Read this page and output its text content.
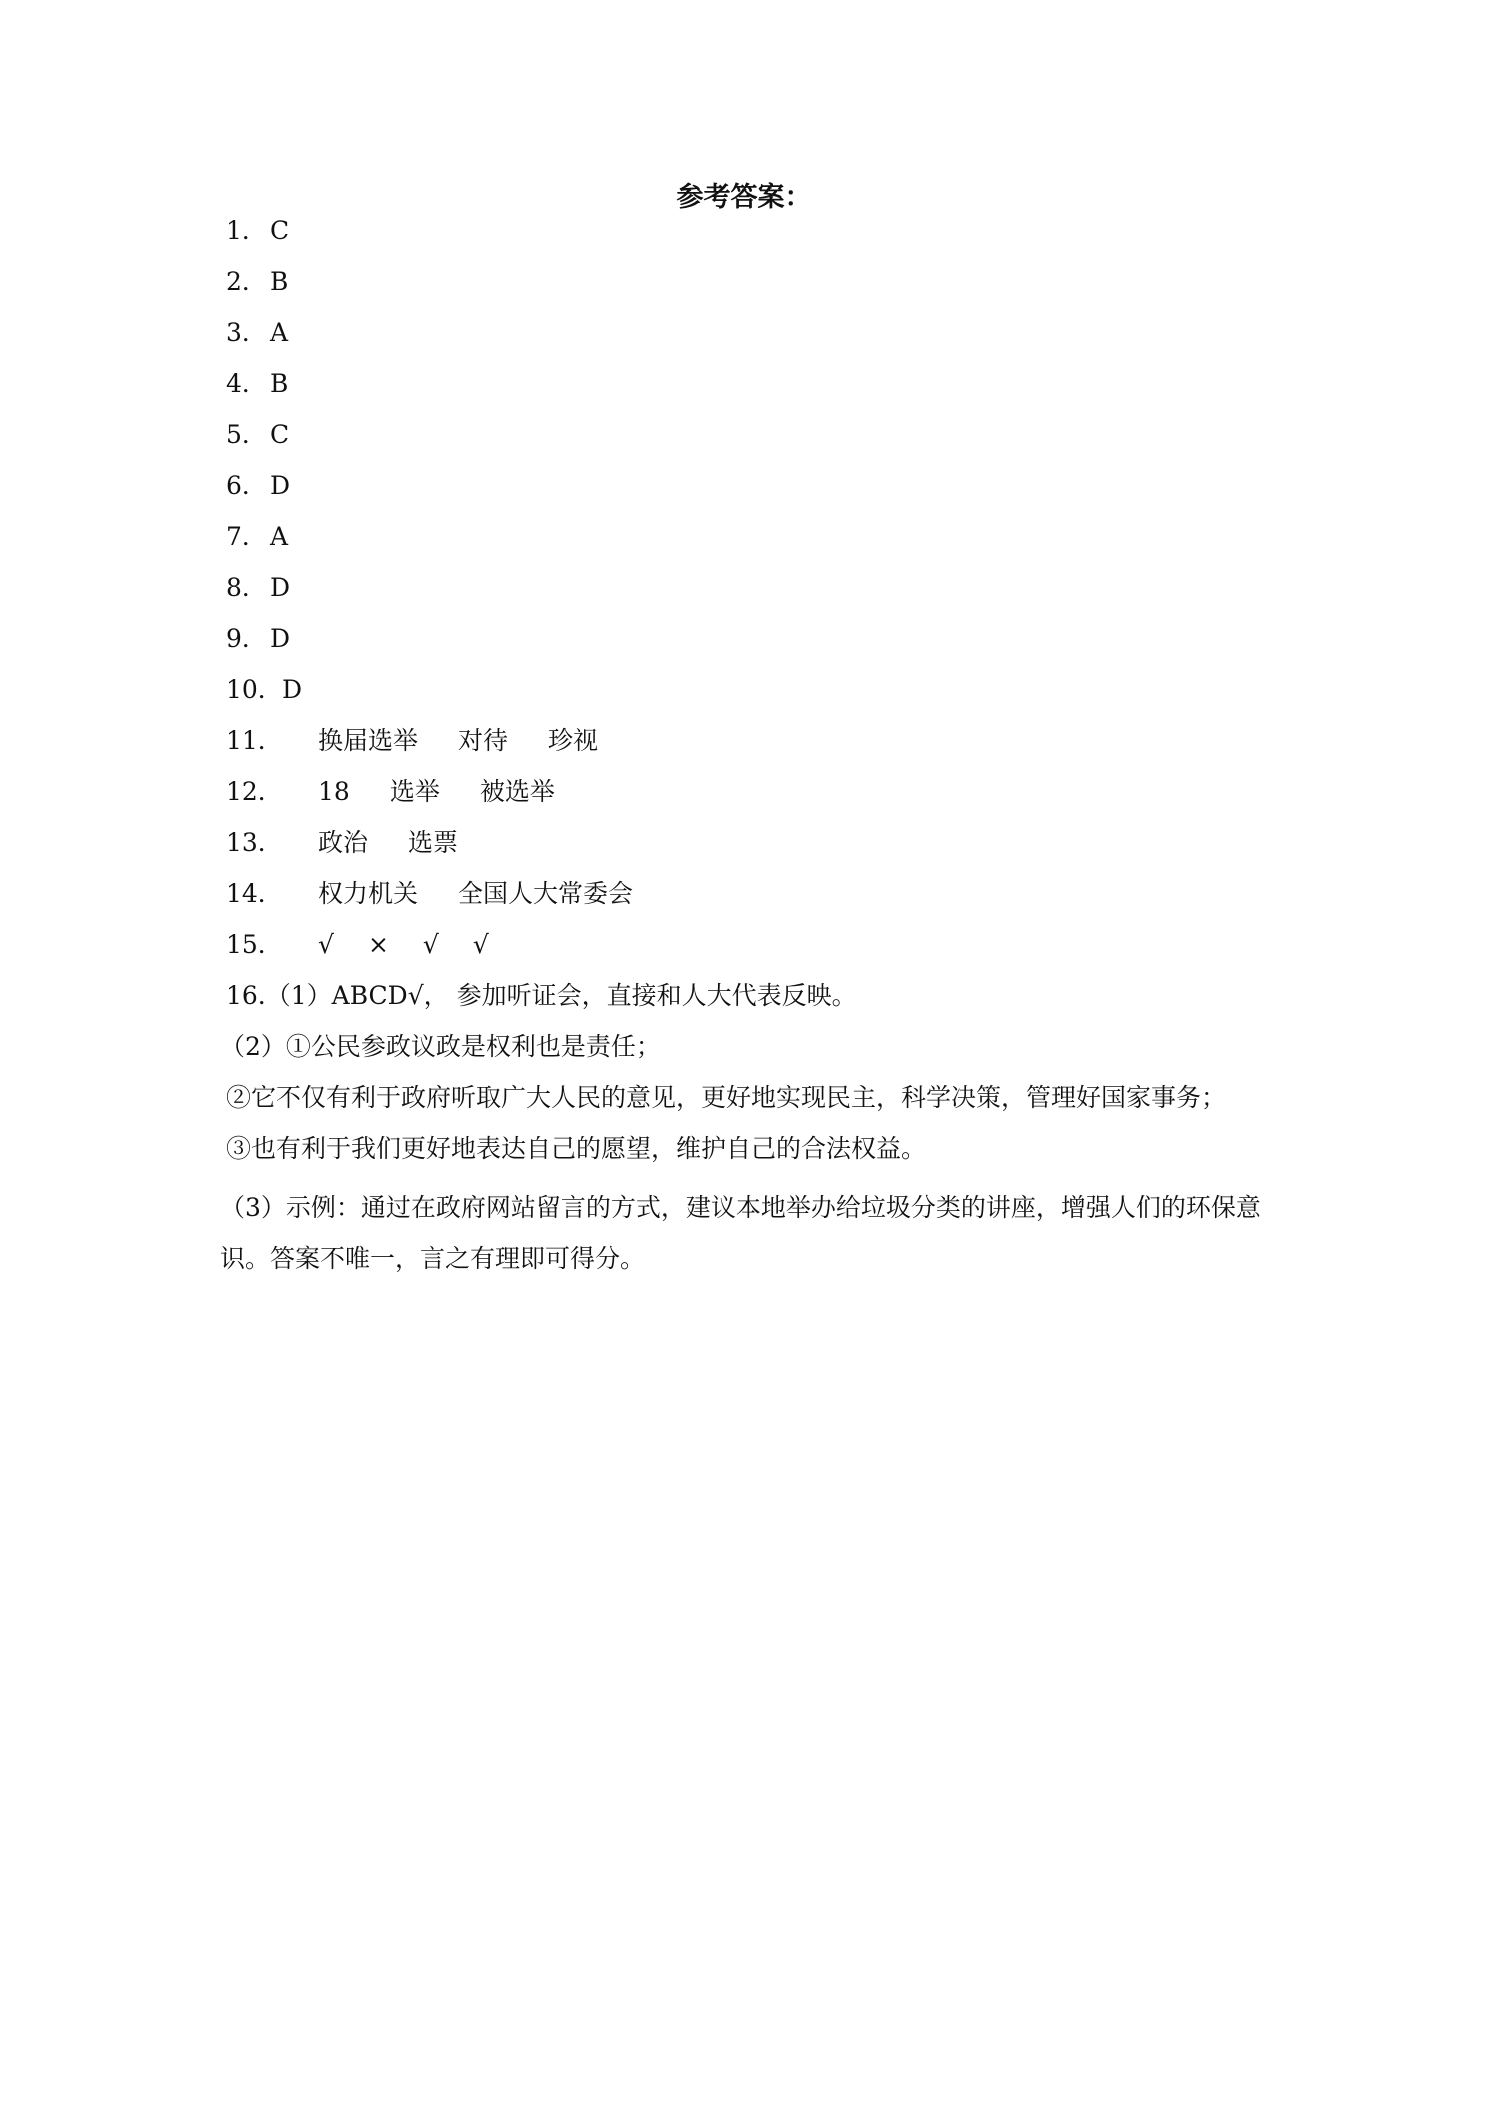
参考答案：
1． C
2． B
3． A
4． B
5． C
6． D
7． A
8． D
9． D
10．D
11． 换届选举 对待 珍视
12． 18 选举 被选举
13． 政治 选票
14． 权力机关 全国人大常委会
15． √ × √ √
16.（1）ABCD√， 参加听证会，直接和人大代表反映。
（2）①公民参政议政是权利也是责任；
②它不仅有利于政府听取广大人民的意见，更好地实现民主，科学决策，管理好国家事务；
③也有利于我们更好地表达自己的愿望，维护自己的合法权益。
（3）示例：通过在政府网站留言的方式，建议本地举办给垃圾分类的讲座，增强人们的环保意识。答案不唯一，言之有理即可得分。
